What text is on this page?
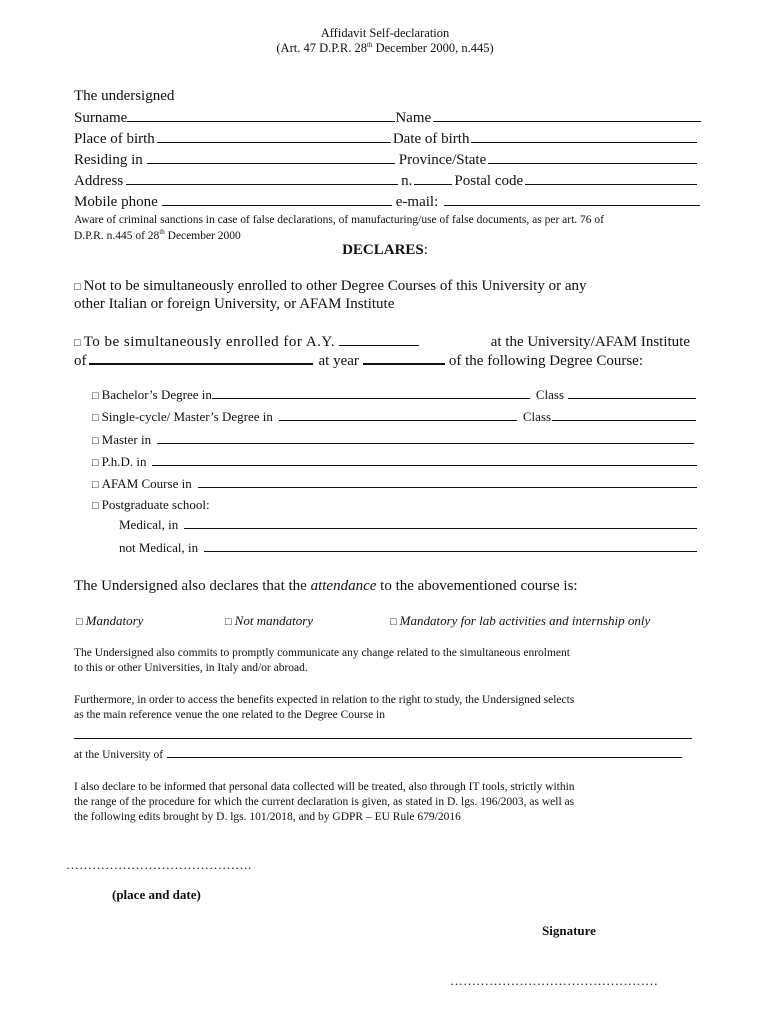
Affidavit Self-declaration
(Art. 47 D.P.R. 28th December 2000, n.445)
The undersigned
Surname	Name
Place of birth	Date of birth
Residing in	Province/State
Address	n.	Postal code
Mobile phone	e-mail:
Aware of criminal sanctions in case of false declarations, of manufacturing/use of false documents, as per art. 76 of
D.P.R. n.445 of 28th December 2000
DECLARES:
□ Not to be simultaneously enrolled to other Degree Courses of this University or any
other Italian or foreign University, or AFAM Institute
□ To be simultaneously enrolled for A.Y.	at the University/AFAM Institute
of	at year	of the following Degree Course:
□ Bachelor’s Degree in	Class
□ Single-cycle/ Master’s Degree in	Class
□ Master in
□ P.h.D. in
□ AFAM Course in
□ Postgraduate school:
Medical, in
not Medical, in
The Undersigned also declares that the attendance to the abovementioned course is:
□ Mandatory	□ Not mandatory	□ Mandatory for lab activities and internship only
The Undersigned also commits to promptly communicate any change related to the simultaneous enrolment
to this or other Universities, in Italy and/or abroad.
Furthermore, in order to access the benefits expected in relation to the right to study, the Undersigned selects
as the main reference venue the one related to the Degree Course in
at the University of
I also declare to be informed that personal data collected will be treated, also through IT tools, strictly within
the range of the procedure for which the current declaration is given, as stated in D. lgs. 196/2003, as well as
the following edits brought by D. lgs. 101/2018, and by GDPR – EU Rule 679/2016
…………………………………….
(place and date)
Signature
…………………………………………
